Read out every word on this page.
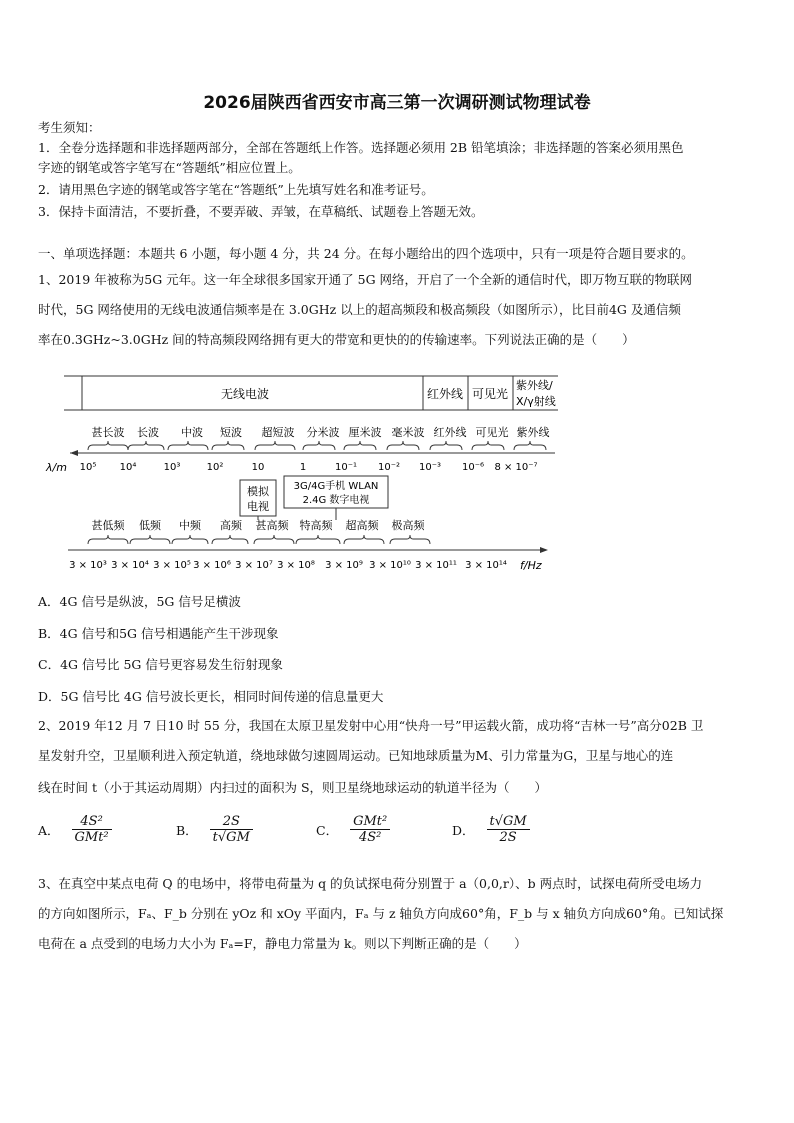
2026届陕西省西安市高三第一次调研测试物理试卷
考生须知：
1．全卷分选择题和非选择题两部分，全部在答题纸上作答。选择题必须用 2B 铅笔填涂；非选择题的答案必须用黑色
字迹的钢笔或答字笔写在“答题纸”相应位置上。
2．请用黑色字迹的钢笔或答字笔在“答题纸”上先填写姓名和准考证号。
3．保持卡面清洁，不要折叠，不要弄破、弄皱，在草稿纸、试题卷上答题无效。
一、单项选择题：本题共 6 小题，每小题 4 分，共 24 分。在每小题给出的四个选项中，只有一项是符合题目要求的。
1、2019 年被称为5G 元年。这一年全球很多国家开通了 5G 网络，开启了一个全新的通信时代，即万物互联的物联网
时代，5G 网络使用的无线电波通信频率是在 3.0GHz 以上的超高频段和极高频段（如图所示），比目前4G 及通信频
率在0.3GHz~3.0GHz 间的特高频段网络拥有更大的带宽和更快的的传输速率。下列说法正确的是（　　）
无线电波	红外线 可见光
紫外线/
X/γ射线
甚长波 长波 中波 短波 超短波 分米波 厘米波 毫米波 红外线 可见光 紫外线
λ/m 10⁵ 10⁴	10³	10²	10	1	10⁻¹ 10⁻² 10⁻³ 10⁻⁶ 8 × 10⁻⁷
模拟
电视
3G/4G手机 WLAN
2.4G 数字电视
甚低频 低频 中频 高频 甚高频 特高频 超高频 极高频
3 × 10³ 3 × 10⁴ 3 × 10⁵ 3 × 10⁶ 3 × 10⁷ 3 × 10⁸ 3 × 10⁹ 3 × 10¹⁰ 3 × 10¹¹ 3 × 10¹⁴ f/Hz
A．4G 信号是纵波，5G 信号足横波
B．4G 信号和5G 信号相遇能产生干涉现象
C．4G 信号比 5G 信号更容易发生衍射现象
D．5G 信号比 4G 信号波长更长，相同时间传递的信息量更大
2、2019 年12 月 7 日10 时 55 分，我国在太原卫星发射中心用“快舟一号”甲运载火箭，成功将“吉林一号”高分02B 卫
星发射升空，卫星顺利进入预定轨道，绕地球做匀速圆周运动。已知地球质量为M、引力常量为G，卫星与地心的连
线在时间 t（小于其运动周期）内扫过的面积为 S，则卫星绕地球运动的轨道半径为（　　）
A． $\frac{\text{4S²}}{\text{GMt²}}$	B． $\frac{2S}{t√GM}$	C． $\frac{\text{GMt²}}{\text{4S²}}$	D． $\frac{t√GM}{2S}$
3、在真空中某点电荷 Q 的电场中，将带电荷量为 q 的负试探电荷分别置于 a（0,0,r）、b 两点时，试探电荷所受电场力
的方向如图所示，Fₐ、F_b 分别在 yOz 和 xOy 平面内，Fₐ 与 z 轴负方向成60°角，F_b 与 x 轴负方向成60°角。已知试探
电荷在 a 点受到的电场力大小为 Fₐ=F，静电力常量为 k。则以下判断正确的是（　　）
